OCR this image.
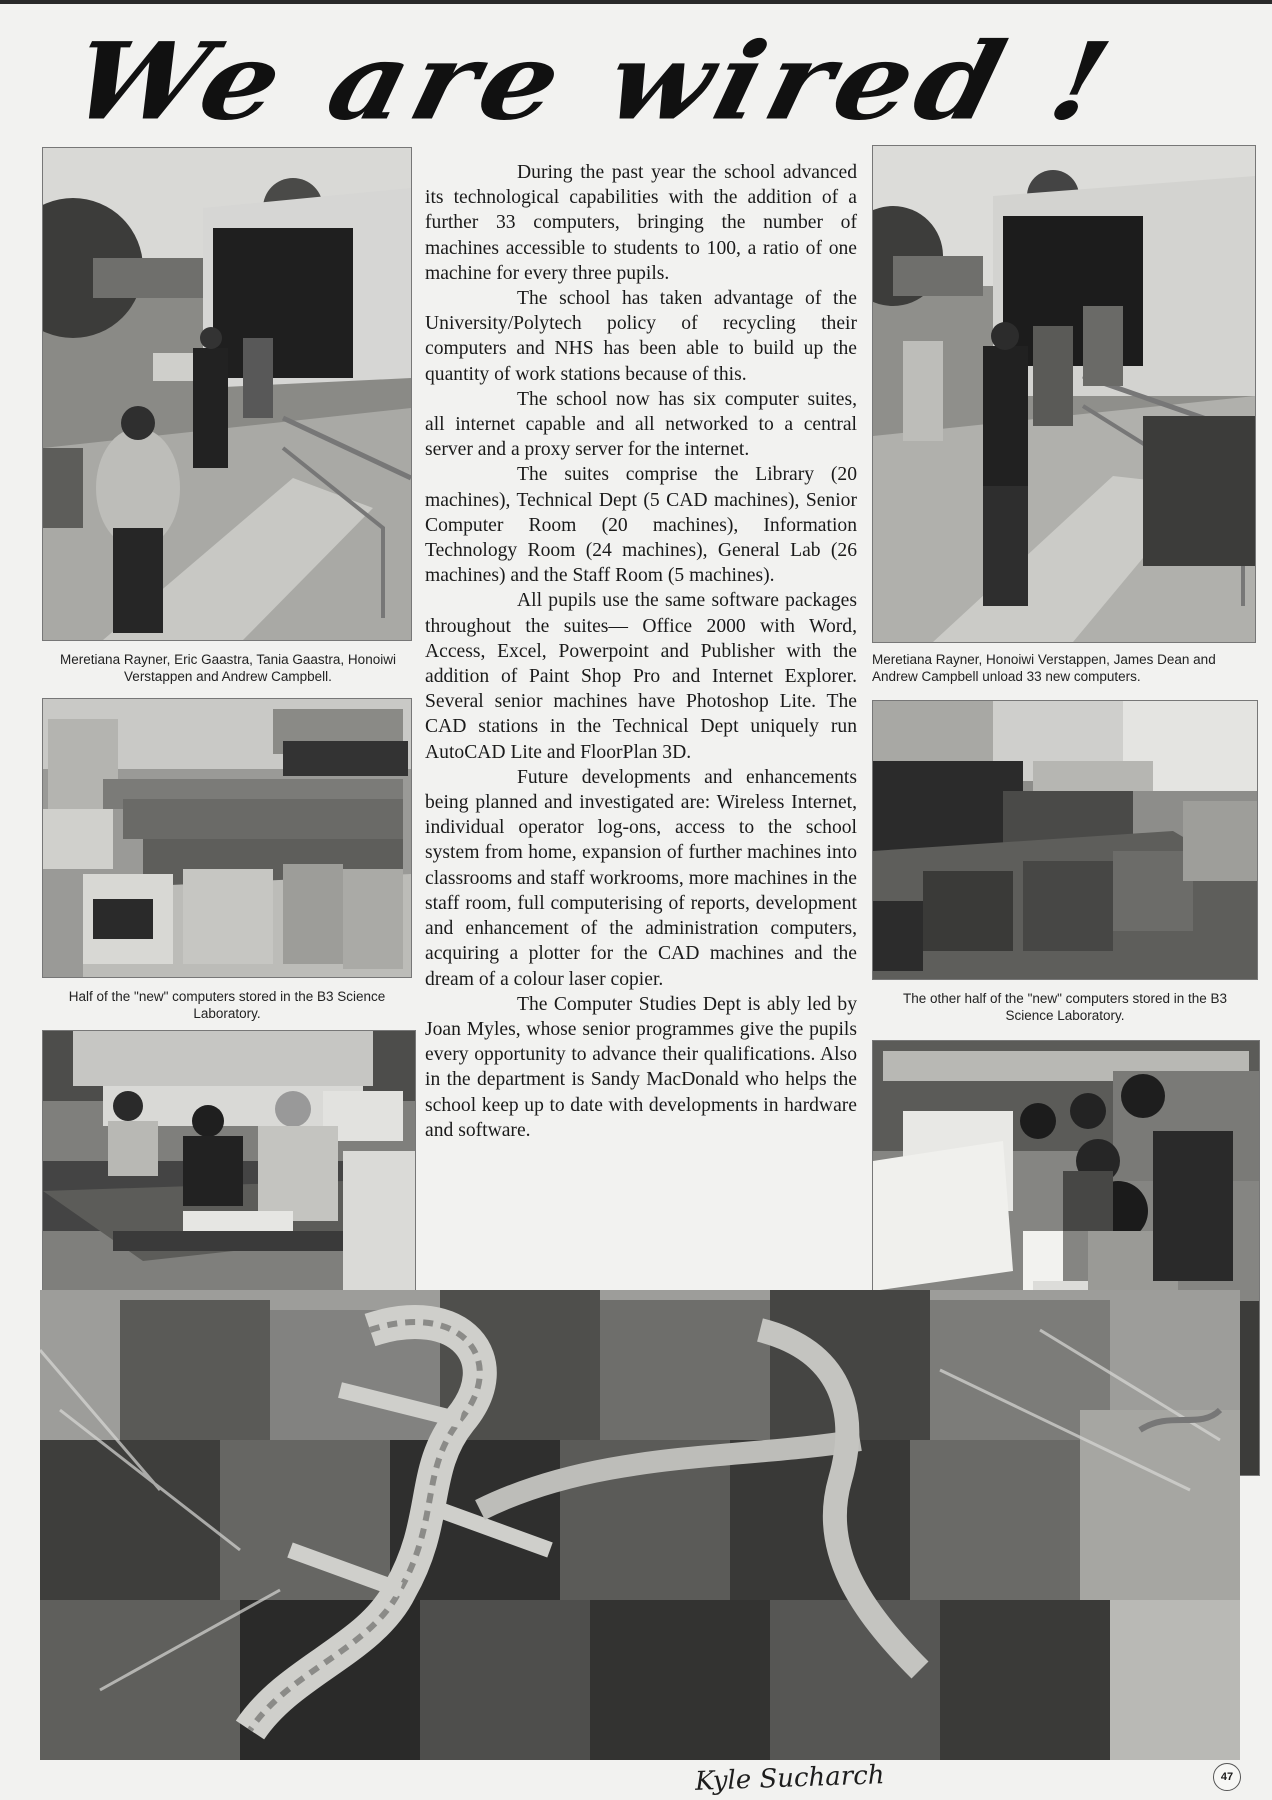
We are wired !
Meretiana Rayner, Eric Gaastra, Tania Gaastra, Honoiwi Verstappen and Andrew Campbell.
Half of the "new" computers stored in the B3 Science Laboratory.

During the past year the school advanced its technological capabilities with the addition of a further 33 computers, bringing the number of machines accessible to students to 100, a ratio of one machine for every three pupils.

The school has taken advantage of the University/Polytech policy of recycling their computers and NHS has been able to build up the quantity of work stations because of this.

The school now has six computer suites, all internet capable and all networked to a central server and a proxy server for the internet.

The suites comprise the Library (20 machines), Technical Dept (5 CAD machines), Senior Computer Room (20 machines), Information Technology Room (24 machines), General Lab (26 machines) and the Staff Room (5 machines).

All pupils use the same software packages throughout the suites— Office 2000 with Word, Access, Excel, Powerpoint and Publisher with the addition of Paint Shop Pro and Internet Explorer. Several senior machines have Photoshop Lite. The CAD stations in the Technical Dept uniquely run AutoCAD Lite and FloorPlan 3D.

Future developments and enhancements being planned and investigated are: Wireless Internet, individual operator log-ons, access to the school system from home, expansion of further machines into classrooms and staff workrooms, more machines in the staff room, full computerising of reports, development and enhancement of the administration computers, acquiring a plotter for the CAD machines and the dream of a colour laser copier.

The Computer Studies Dept is ably led by Joan Myles, whose senior programmes give the pupils every opportunity to advance their qualifications. Also in the department is Sandy MacDonald who helps the school keep up to date with developments in hardware and software.

Meretiana Rayner, Honoiwi Verstappen, James Dean and Andrew Campbell unload 33 new computers.
The other half of the "new" computers stored in the B3 Science Laboratory.
Kyle Sucharch	47
